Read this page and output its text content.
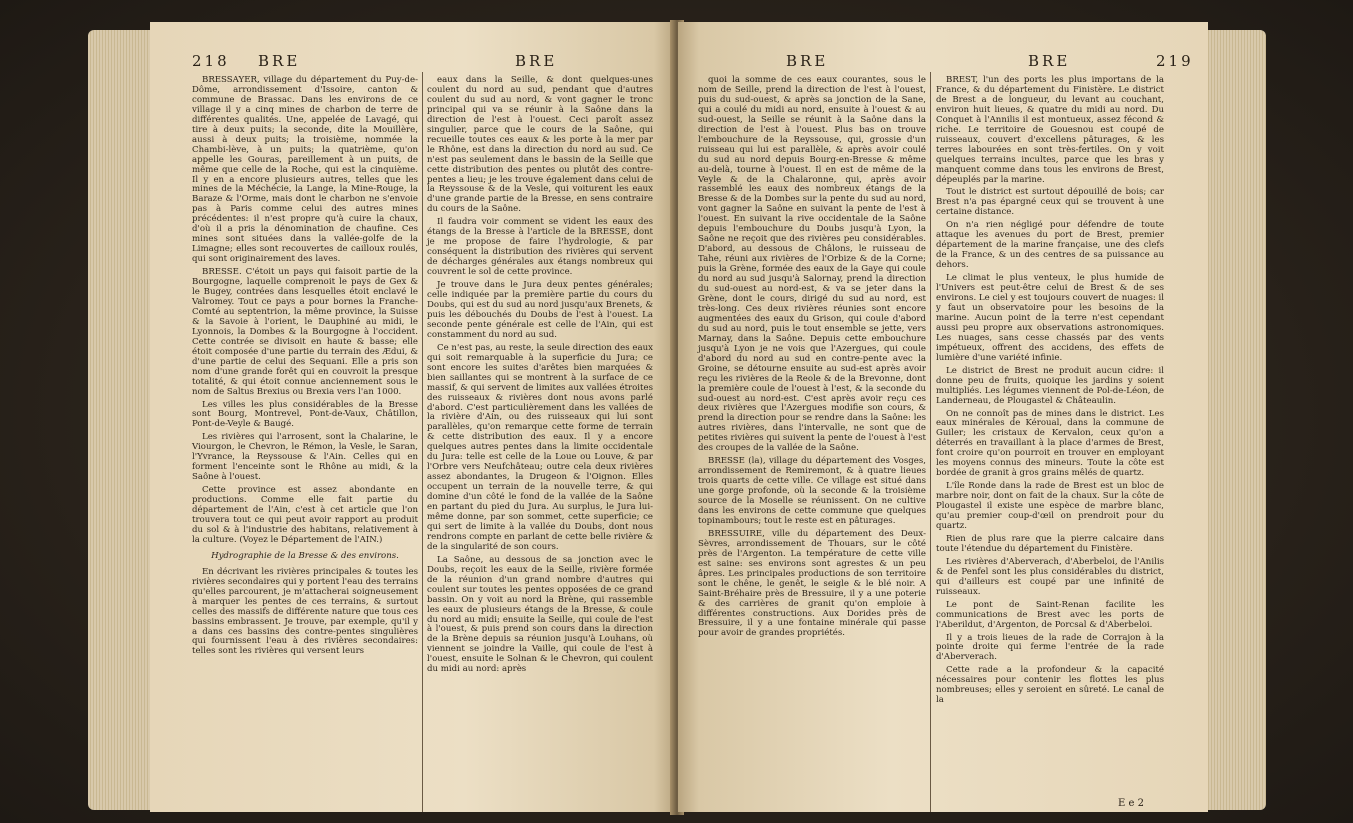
218 BRE	BRE

BRESSAYER, village du département du Puy-de-Dôme, arrondissement d'Issoire, canton & commune de Brassac. Dans les environs de ce village il y a cinq mines de charbon de terre de différentes qualités. Une, appelée de Lavagé, qui tire à deux puits; la seconde, dite la Mouillère, aussi à deux puits; la troisième, nommée la Chambi-lève, à un puits; la quatrième, qu'on appelle les Gouras, pareillement à un puits, de même que celle de la Roche, qui est la cinquième. Il y en a encore plusieurs autres, telles que les mines de la Méchécie, la Lange, la Mine-Rouge, la Baraze & l'Orme, mais dont le charbon ne s'envoie pas à Paris comme celui des autres mines précédentes: il n'est propre qu'à cuire la chaux, d'où il a pris la dénomination de chaufine. Ces mines sont situées dans la vallée-golfe de la Limagne; elles sont recouvertes de cailloux roulés, qui sont originairement des laves.

BRESSE. C'étoit un pays qui faisoit partie de la Bourgogne, laquelle comprenoit le pays de Gex & le Bugey, contrées dans lesquelles étoit enclavé le Valromey. Tout ce pays a pour bornes la Franche-Comté au septentrion, la même province, la Suisse & la Savoie à l'orient, le Dauphiné au midi, le Lyonnois, la Dombes & la Bourgogne à l'occident. Cette contrée se divisoit en haute & basse; elle étoit composée d'une partie du terrain des Ædui, & d'une partie de celui des Sequani. Elle a pris son nom d'une grande forêt qui en couvroit la presque totalité, & qui étoit connue anciennement sous le nom de Saltus Brexius ou Brexia vers l'an 1000.

Les villes les plus considérables de la Bresse sont Bourg, Montrevel, Pont-de-Vaux, Châtillon, Pont-de-Veyle & Baugé.

Les rivières qui l'arrosent, sont la Chalarine, le Viourgon, le Chevron, le Rémon, la Vesle, le Saran, l'Yvrance, la Reyssouse & l'Ain. Celles qui en forment l'enceinte sont le Rhône au midi, & la Saône à l'ouest.

Cette province est assez abondante en productions. Comme elle fait partie du département de l'Ain, c'est à cet article que l'on trouvera tout ce qui peut avoir rapport au produit du sol & à l'industrie des habitans, relativement à la culture. (Voyez le Département de l'AIN.)

Hydrographie de la Bresse & des environs.

En décrivant les rivières principales & toutes les rivières secondaires qui y portent l'eau des terrains qu'elles parcourent, je m'attacherai soigneusement à marquer les pentes de ces terrains, & surtout celles des massifs de différente nature que tous ces bassins embrassent. Je trouve, par exemple, qu'il y a dans ces bassins des contre-pentes singulières qui fournissent l'eau à des rivières secondaires: telles sont les rivières qui versent leurs

eaux dans la Seille, & dont quelques-unes coulent du nord au sud, pendant que d'autres coulent du sud au nord, & vont gagner le tronc principal qui va se réunir à la Saône dans la direction de l'est à l'ouest. Ceci paroît assez singulier, parce que le cours de la Saône, qui recueille toutes ces eaux & les porte à la mer par le Rhône, est dans la direction du nord au sud. Ce n'est pas seulement dans le bassin de la Seille que cette distribution des pentes ou plutôt des contre-pentes a lieu; je les trouve également dans celui de la Reyssouse & de la Vesle, qui voiturent les eaux d'une grande partie de la Bresse, en sens contraire du cours de la Saône.

Il faudra voir comment se vident les eaux des étangs de la Bresse à l'article de la BRESSE, dont je me propose de faire l'hydrologie, & par conséquent la distribution des rivières qui servent de décharges générales aux étangs nombreux qui couvrent le sol de cette province.

Je trouve dans le Jura deux pentes générales; celle indiquée par la première partie du cours du Doubs, qui est du sud au nord jusqu'aux Brenets, & puis les débouchés du Doubs de l'est à l'ouest. La seconde pente générale est celle de l'Ain, qui est constamment du nord au sud.

Ce n'est pas, au reste, la seule direction des eaux qui soit remarquable à la superficie du Jura; ce sont encore les suites d'arêtes bien marquées & bien saillantes qui se montrent à la surface de ce massif, & qui servent de limites aux vallées étroites des ruisseaux & rivières dont nous avons parlé d'abord. C'est particulièrement dans les vallées de la rivière d'Ain, ou des ruisseaux qui lui sont parallèles, qu'on remarque cette forme de terrain & cette distribution des eaux. Il y a encore quelques autres pentes dans la limite occidentale du Jura: telle est celle de la Loue ou Louve, & par l'Orbre vers Neufchâteau; outre cela deux rivières assez abondantes, la Drugeon & l'Oignon. Elles occupent un terrain de la nouvelle terre, & qui domine d'un côté le fond de la vallée de la Saône en partant du pied du Jura. Au surplus, le Jura lui-même donne, par son sommet, cette superficie; ce qui sert de limite à la vallée du Doubs, dont nous rendrons compte en parlant de cette belle rivière & de la singularité de son cours.

La Saône, au dessous de sa jonction avec le Doubs, reçoit les eaux de la Seille, rivière formée de la réunion d'un grand nombre d'autres qui coulent sur toutes les pentes opposées de ce grand bassin. On y voit au nord la Brène, qui rassemble les eaux de plusieurs étangs de la Bresse, & coule du nord au midi; ensuite la Seille, qui coule de l'est à l'ouest, & puis prend son cours dans la direction de la Brène depuis sa réunion jusqu'à Louhans, où viennent se joindre la Vaille, qui coule de l'est à l'ouest, ensuite le Solnan & le Chevron, qui coulent du midi au nord: après

BRE	BRE	219

quoi la somme de ces eaux courantes, sous le nom de Seille, prend la direction de l'est à l'ouest, puis du sud-ouest, & après sa jonction de la Sane, qui a coulé du midi au nord, ensuite à l'ouest & au sud-ouest, la Seille se réunit à la Saône dans la direction de l'est à l'ouest. Plus bas on trouve l'embouchure de la Reyssouse, qui, grossie d'un ruisseau qui lui est parallèle, & après avoir coulé du sud au nord depuis Bourg-en-Bresse & même au-delà, tourne à l'ouest. Il en est de même de la Veyle & de la Chalaronne, qui, après avoir rassemblé les eaux des nombreux étangs de la Bresse & de la Dombes sur la pente du sud au nord, vont gagner la Saône en suivant la pente de l'est à l'ouest. En suivant la rive occidentale de la Saône depuis l'embouchure du Doubs jusqu'à Lyon, la Saône ne reçoit que des rivières peu considérables. D'abord, au dessous de Châlons, le ruisseau de Tahe, réuni aux rivières de l'Orbize & de la Corne; puis la Grène, formée des eaux de la Gaye qui coule du nord au sud jusqu'à Salornay, prend la direction du sud-ouest au nord-est, & va se jeter dans la Grène, dont le cours, dirigé du sud au nord, est très-long. Ces deux rivières réunies sont encore augmentées des eaux du Grison, qui coule d'abord du sud au nord, puis le tout ensemble se jette, vers Marnay, dans la Saône. Depuis cette embouchure jusqu'à Lyon je ne vois que l'Azergues, qui coule d'abord du nord au sud en contre-pente avec la Groine, se détourne ensuite au sud-est après avoir reçu les rivières de la Reole & de la Brevonne, dont la première coule de l'ouest à l'est, & la seconde du sud-ouest au nord-est. C'est après avoir reçu ces deux rivières que l'Azergues modifie son cours, & prend la direction pour se rendre dans la Saône: les autres rivières, dans l'intervalle, ne sont que de petites rivières qui suivent la pente de l'ouest à l'est des croupes de la vallée de la Saône.

BRESSE (la), village du département des Vosges, arrondissement de Remiremont, & à quatre lieues trois quarts de cette ville. Ce village est situé dans une gorge profonde, où la seconde & la troisième source de la Moselle se réunissent. On ne cultive dans les environs de cette commune que quelques topinambours; tout le reste est en pâturages.

BRESSUIRE, ville du département des Deux-Sèvres, arrondissement de Thouars, sur le côté près de l'Argenton. La température de cette ville est saine: ses environs sont agrestes & un peu âpres. Les principales productions de son territoire sont le chêne, le genêt, le seigle & le blé noir. A Saint-Bréhaire près de Bressuire, il y a une poterie & des carrières de granit qu'on emploie à différentes constructions. Aux Dorides près de Bressuire, il y a une fontaine minérale qui passe pour avoir de grandes propriétés.

BREST, l'un des ports les plus importans de la France, & du département du Finistère. Le district de Brest a de longueur, du levant au couchant, environ huit lieues, & quatre du midi au nord. Du Conquet à l'Annilis il est montueux, assez fécond & riche. Le territoire de Gouesnou est coupé de ruisseaux, couvert d'excellens pâturages, & les terres labourées en sont très-fertiles. On y voit quelques terrains incultes, parce que les bras y manquent comme dans tous les environs de Brest, dépeuplés par la marine.

Tout le district est surtout dépouillé de bois; car Brest n'a pas épargné ceux qui se trouvent à une certaine distance.

On n'a rien négligé pour défendre de toute attaque les avenues du port de Brest, premier département de la marine française, une des clefs de la France, & un des centres de sa puissance au dehors.

Le climat le plus venteux, le plus humide de l'Univers est peut-être celui de Brest & de ses environs. Le ciel y est toujours couvert de nuages: il y faut un observatoire pour les besoins de la marine. Aucun point de la terre n'est cependant aussi peu propre aux observations astronomiques. Les nuages, sans cesse chassés par des vents impétueux, offrent des accidens, des effets de lumière d'une variété infinie.

Le district de Brest ne produit aucun cidre: il donne peu de fruits, quoique les jardins y soient multipliés. Les légumes viennent de Pol-de-Léon, de Landerneau, de Plougastel & Châteaulin.

On ne connoît pas de mines dans le district. Les eaux minérales de Kéroual, dans la commune de Guiler; les cristaux de Kervalon, ceux qu'on a déterrés en travaillant à la place d'armes de Brest, font croire qu'on pourroit en trouver en employant les moyens connus des mineurs. Toute la côte est bordée de granit à gros grains mêlés de quartz.

L'île Ronde dans la rade de Brest est un bloc de marbre noir, dont on fait de la chaux. Sur la côte de Plougastel il existe une espèce de marbre blanc, qu'au premier coup-d'œil on prendroit pour du quartz.

Rien de plus rare que la pierre calcaire dans toute l'étendue du département du Finistère.

Les rivières d'Aberverach, d'Aberbeloi, de l'Anilis & de Penfel sont les plus considérables du district, qui d'ailleurs est coupé par une infinité de ruisseaux.

Le pont de Saint-Renan facilite les communications de Brest avec les ports de l'Aberildut, d'Argenton, de Porcsal & d'Aberbeloi.

Il y a trois lieues de la rade de Corrajon à la pointe droite qui ferme l'entrée de la rade d'Aberverach.

Cette rade a la profondeur & la capacité nécessaires pour contenir les flottes les plus nombreuses; elles y seroient en sûreté. Le canal de la

E e 2
